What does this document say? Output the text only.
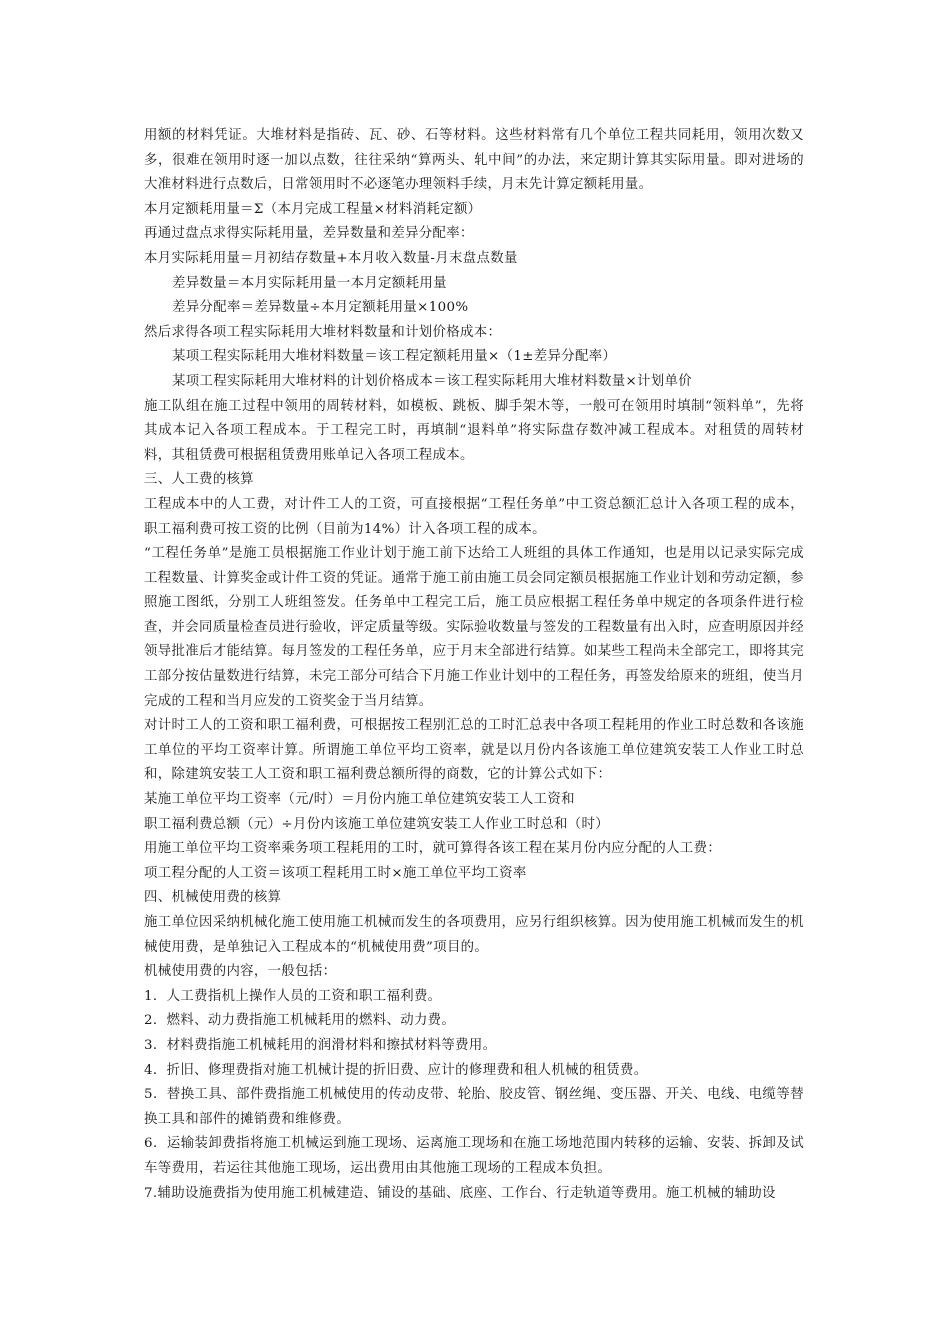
用额的材料凭证。大堆材料是指砖、瓦、砂、石等材料。这些材料常有几个单位工程共同耗用，领用次数又多，很难在领用时逐一加以点数，往往采纳“算两头、轧中间”的办法，来定期计算其实际用量。即对进场的大准材料进行点数后，日常领用时不必逐笔办理领料手续，月末先计算定额耗用量。

本月定额耗用量＝Σ（本月完成工程量×材料消耗定额）

再通过盘点求得实际耗用量，差异数量和差异分配率：

本月实际耗用量＝月初结存数量+本月收入数量-月末盘点数量

差异数量＝本月实际耗用量一本月定额耗用量

差异分配率＝差异数量÷本月定额耗用量×100%

然后求得各项工程实际耗用大堆材料数量和计划价格成本：

某项工程实际耗用大堆材料数量＝该工程定额耗用量×（1±差异分配率）

某项工程实际耗用大堆材料的计划价格成本＝该工程实际耗用大堆材料数量×计划单价

施工队组在施工过程中领用的周转材料，如模板、跳板、脚手架木等，一般可在领用时填制“领料单”，先将其成本记入各项工程成本。于工程完工时，再填制“退料单”将实际盘存数冲减工程成本。对租赁的周转材料，其租赁费可根据租赁费用账单记入各项工程成本。

三、人工费的核算

工程成本中的人工费，对计件工人的工资，可直接根据“工程任务单”中工资总额汇总计入各项工程的成本，职工福利费可按工资的比例（目前为14%）计入各项工程的成本。

“工程任务单”是施工员根据施工作业计划于施工前下达给工人班组的具体工作通知，也是用以记录实际完成工程数量、计算奖金或计件工资的凭证。通常于施工前由施工员会同定额员根据施工作业计划和劳动定额，参照施工图纸，分别工人班组签发。任务单中工程完工后，施工员应根据工程任务单中规定的各项条件进行检查，并会同质量检查员进行验收，评定质量等级。实际验收数量与签发的工程数量有出入时，应查明原因并经领导批准后才能结算。每月签发的工程任务单，应于月末全部进行结算。如某些工程尚未全部完工，即将其完工部分按估量数进行结算，未完工部分可结合下月施工作业计划中的工程任务，再签发给原来的班组，使当月完成的工程和当月应发的工资奖金于当月结算。

对计时工人的工资和职工福利费，可根据按工程别汇总的工时汇总表中各项工程耗用的作业工时总数和各该施工单位的平均工资率计算。所谓施工单位平均工资率，就是以月份内各该施工单位建筑安装工人作业工时总和，除建筑安装工人工资和职工福利费总额所得的商数，它的计算公式如下：

某施工单位平均工资率（元/时）＝月份内施工单位建筑安装工人工资和

职工福利费总额（元）÷月份内该施工单位建筑安装工人作业工时总和（时）

用施工单位平均工资率乘务项工程耗用的工时，就可算得各该工程在某月份内应分配的人工费：

项工程分配的人工资＝该项工程耗用工时×施工单位平均工资率

四、机械使用费的核算

施工单位因采纳机械化施工使用施工机械而发生的各项费用，应另行组织核算。因为使用施工机械而发生的机械使用费，是单独记入工程成本的“机械使用费”项目的。

机械使用费的内容，一般包括：

1．人工费指机上操作人员的工资和职工福利费。

2．燃料、动力费指施工机械耗用的燃料、动力费。

3．材料费指施工机械耗用的润滑材料和擦拭材料等费用。

4．折旧、修理费指对施工机械计提的折旧费、应计的修理费和租人机械的租赁费。

5．替换工具、部件费指施工机械使用的传动皮带、轮胎、胶皮管、钢丝绳、变压器、开关、电线、电缆等替换工具和部件的摊销费和维修费。

6．运输装卸费指将施工机械运到施工现场、运离施工现场和在施工场地范围内转移的运输、安装、拆卸及试车等费用，若运往其他施工现场，运出费用由其他施工现场的工程成本负担。

7.辅助设施费指为使用施工机械建造、铺设的基础、底座、工作台、行走轨道等费用。施工机械的辅助设
